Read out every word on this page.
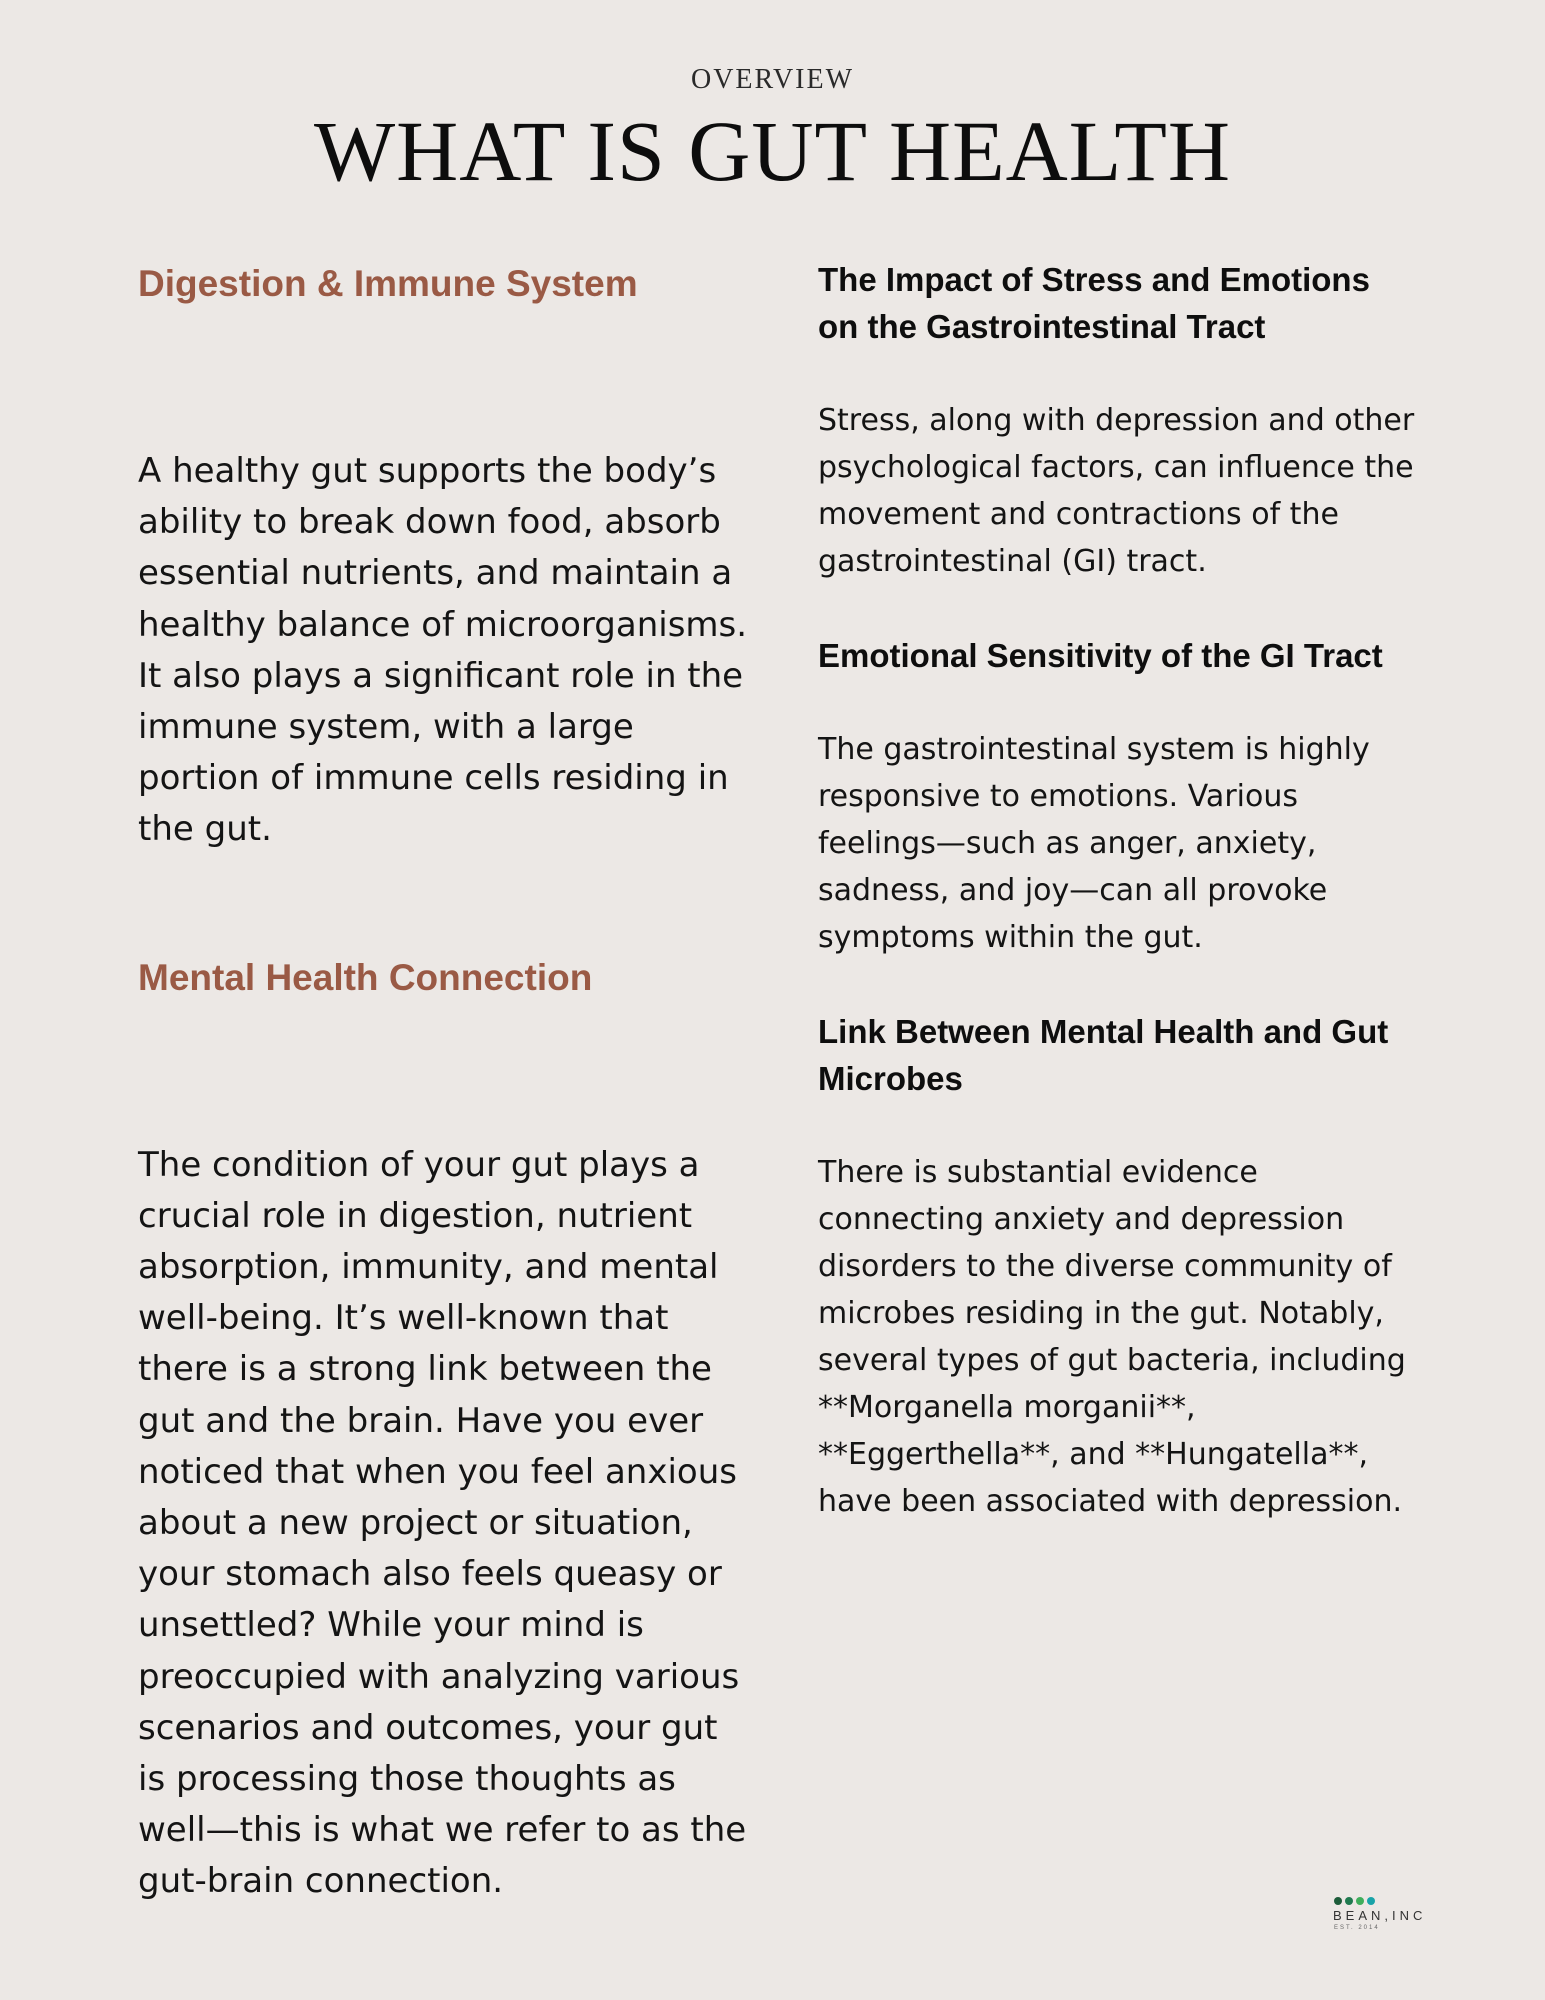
OVERVIEW

WHAT IS GUT HEALTH
Digestion & Immune System

A healthy gut supports the body’s ability to break down food, absorb essential nutrients, and maintain a healthy balance of microorganisms. It also plays a significant role in the immune system, with a large portion of immune cells residing in the gut.

Mental Health Connection

The condition of your gut plays a crucial role in digestion, nutrient absorption, immunity, and mental well-being. It’s well-known that there is a strong link between the gut and the brain. Have you ever noticed that when you feel anxious about a new project or situation, your stomach also feels queasy or unsettled? While your mind is preoccupied with analyzing various scenarios and outcomes, your gut is processing those thoughts as well—this is what we refer to as the gut-brain connection.

The Impact of Stress and Emotions on the Gastrointestinal Tract

Stress, along with depression and other psychological factors, can influence the movement and contractions of the gastrointestinal (GI) tract.

Emotional Sensitivity of the GI Tract

The gastrointestinal system is highly responsive to emotions. Various feelings—such as anger, anxiety, sadness, and joy—can all provoke symptoms within the gut.

Link Between Mental Health and Gut Microbes

There is substantial evidence connecting anxiety and depression disorders to the diverse community of microbes residing in the gut. Notably, several types of gut bacteria, including **Morganella morganii**, **Eggerthella**, and **Hungatella**, have been associated with depression.

BEAN,INC
EST. 2014
